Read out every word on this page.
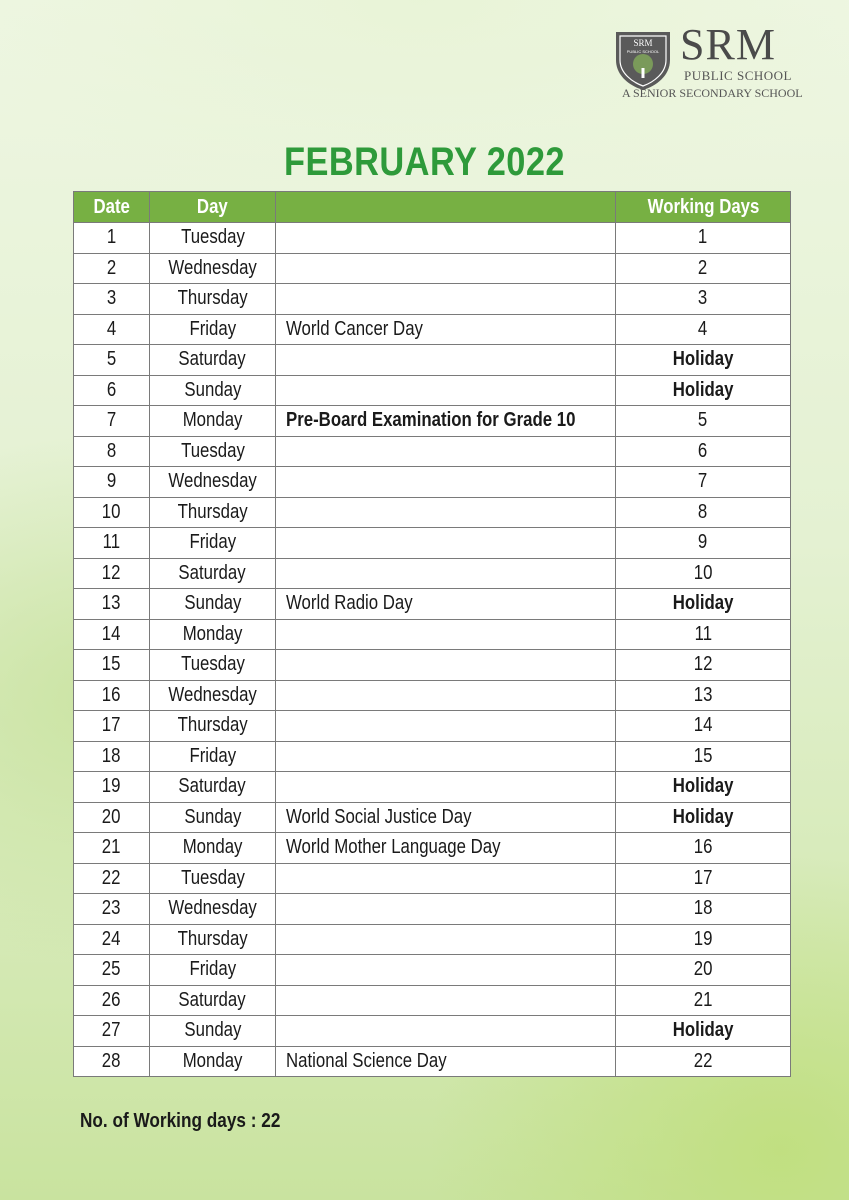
SRM
PUBLIC SCHOOL SRM
PUBLIC SCHOOL
A SENIOR SECONDARY SCHOOL
FEBRUARY 2022
Date	Day		Working Days
1	Tuesday		1
2	Wednesday		2
3	Thursday		3
4	Friday	World Cancer Day	4
5	Saturday		Holiday
6	Sunday		Holiday
7	Monday	Pre-Board Examination for Grade 10	5
8	Tuesday		6
9	Wednesday		7
10	Thursday		8
11	Friday		9
12	Saturday		10
13	Sunday	World Radio Day	Holiday
14	Monday		11
15	Tuesday		12
16	Wednesday		13
17	Thursday		14
18	Friday		15
19	Saturday		Holiday
20	Sunday	World Social Justice Day	Holiday
21	Monday	World Mother Language Day	16
22	Tuesday		17
23	Wednesday		18
24	Thursday		19
25	Friday		20
26	Saturday		21
27	Sunday		Holiday
28	Monday	National Science Day	22
No. of Working days : 22
